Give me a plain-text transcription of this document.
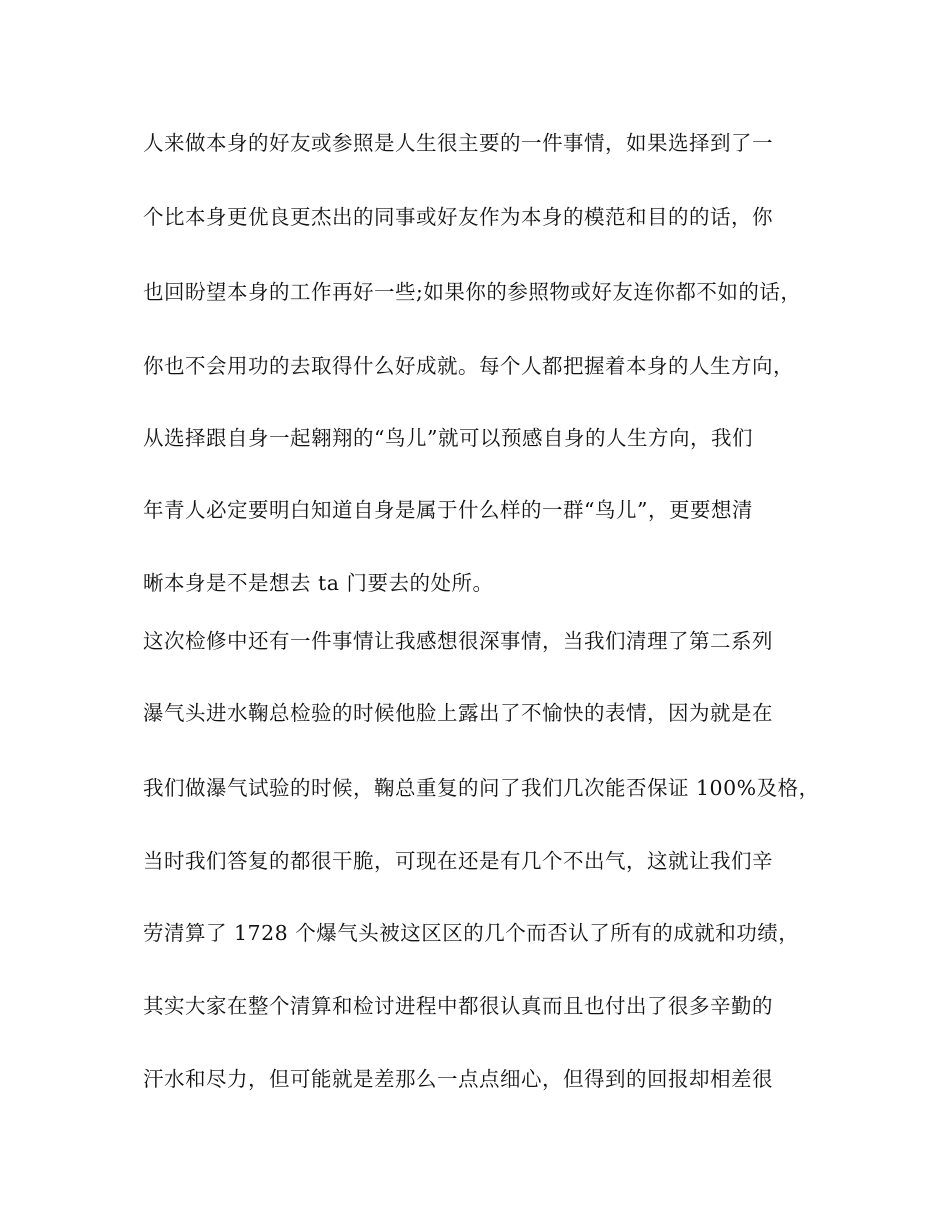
人来做本身的好友或参照是人生很主要的一件事情，如果选择到了一
个比本身更优良更杰出的同事或好友作为本身的模范和目的的话，你
也回盼望本身的工作再好一些;如果你的参照物或好友连你都不如的话，
你也不会用功的去取得什么好成就。每个人都把握着本身的人生方向，
从选择跟自身一起翱翔的“鸟儿”就可以预感自身的人生方向，我们
年青人必定要明白知道自身是属于什么样的一群“鸟儿”，更要想清
晰本身是不是想去 ta 门要去的处所。
这次检修中还有一件事情让我感想很深事情，当我们清理了第二系列
瀑气头进水鞠总检验的时候他脸上露出了不愉快的表情，因为就是在
我们做瀑气试验的时候，鞠总重复的问了我们几次能否保证 100%及格，
当时我们答复的都很干脆，可现在还是有几个不出气，这就让我们辛
劳清算了 1728 个爆气头被这区区的几个而否认了所有的成就和功绩，
其实大家在整个清算和检讨进程中都很认真而且也付出了很多辛勤的
汗水和尽力，但可能就是差那么一点点细心，但得到的回报却相差很
